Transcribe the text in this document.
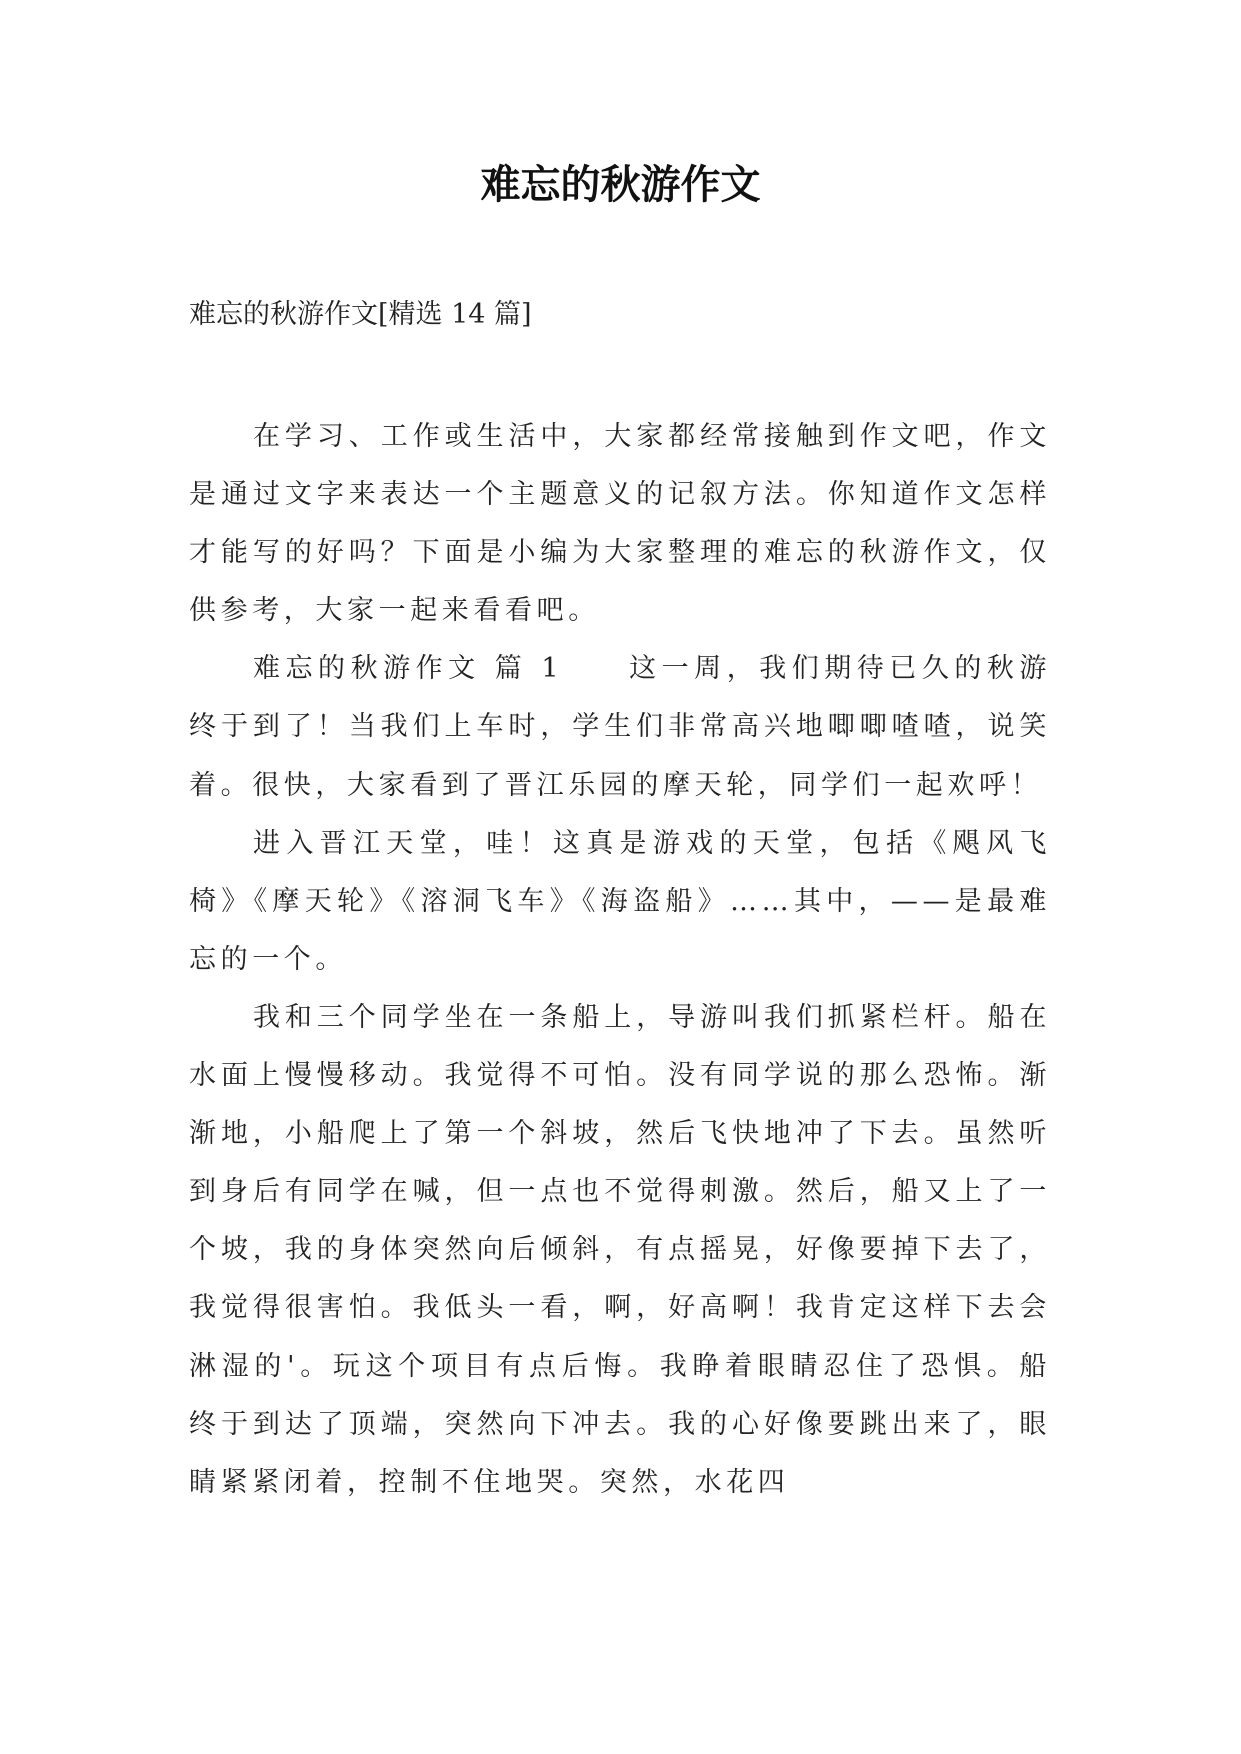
难忘的秋游作文
难忘的秋游作文[精选 14 篇]

在学习、工作或生活中，大家都经常接触到作文吧，作文是通过文字来表达一个主题意义的记叙方法。你知道作文怎样才能写的好吗？下面是小编为大家整理的难忘的秋游作文，仅供参考，大家一起来看看吧。

难忘的秋游作文 篇 1　　这一周，我们期待已久的秋游终于到了！当我们上车时，学生们非常高兴地唧唧喳喳，说笑着。很快，大家看到了晋江乐园的摩天轮，同学们一起欢呼！

进入晋江天堂，哇！这真是游戏的天堂，包括《飓风飞椅》《摩天轮》《溶洞飞车》《海盗船》……其中，——是最难忘的一个。

我和三个同学坐在一条船上，导游叫我们抓紧栏杆。船在水面上慢慢移动。我觉得不可怕。没有同学说的那么恐怖。渐渐地，小船爬上了第一个斜坡，然后飞快地冲了下去。虽然听到身后有同学在喊，但一点也不觉得刺激。然后，船又上了一个坡，我的身体突然向后倾斜，有点摇晃，好像要掉下去了，我觉得很害怕。我低头一看，啊，好高啊！我肯定这样下去会淋湿的'。玩这个项目有点后悔。我睁着眼睛忍住了恐惧。船终于到达了顶端，突然向下冲去。我的心好像要跳出来了，眼睛紧紧闭着，控制不住地哭。突然，水花四
